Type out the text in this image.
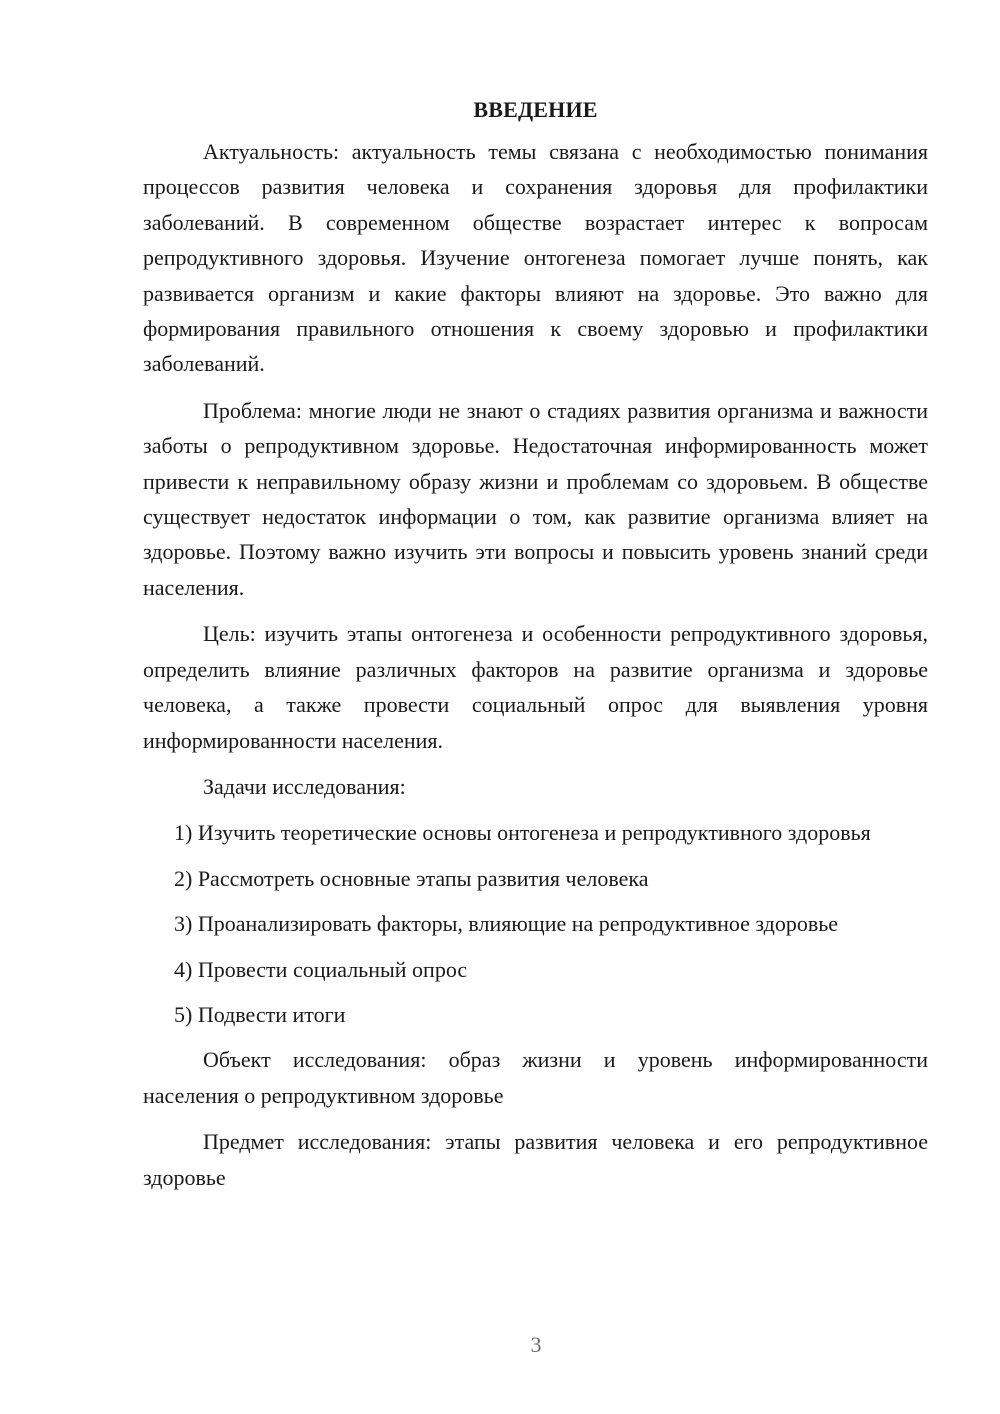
ВВЕДЕНИЕ

Актуальность: актуальность темы связана с необходимостью понимания процессов развития человека и сохранения здоровья для профилактики заболеваний. В современном обществе возрастает интерес к вопросам репродуктивного здоровья. Изучение онтогенеза помогает лучше понять, как развивается организм и какие факторы влияют на здоровье. Это важно для формирования правильного отношения к своему здоровью и профилактики заболеваний.

Проблема: многие люди не знают о стадиях развития организма и важности заботы о репродуктивном здоровье. Недостаточная информированность может привести к неправильному образу жизни и проблемам со здоровьем. В обществе существует недостаток информации о том, как развитие организма влияет на здоровье. Поэтому важно изучить эти вопросы и повысить уровень знаний среди населения.

Цель: изучить этапы онтогенеза и особенности репродуктивного здоровья, определить влияние различных факторов на развитие организма и здоровье человека, а также провести социальный опрос для выявления уровня информированности населения.

Задачи исследования:

1) Изучить теоретические основы онтогенеза и репродуктивного здоровья

2) Рассмотреть основные этапы развития человека

3) Проанализировать факторы, влияющие на репродуктивное здоровье

4) Провести социальный опрос

5) Подвести итоги

Объект исследования: образ жизни и уровень информированности населения о репродуктивном здоровье

Предмет исследования: этапы развития человека и его репродуктивное здоровье

3
